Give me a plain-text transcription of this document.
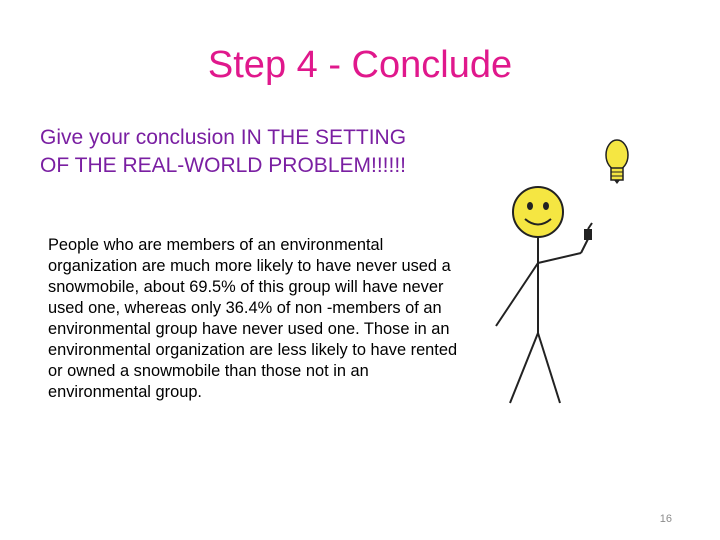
Step 4 - Conclude
Give your conclusion IN THE SETTING OF THE REAL-WORLD PROBLEM!!!!!!
People who are members of an environmental organization are much more likely to have never used a snowmobile, about 69.5% of this group will have never used one, whereas only 36.4% of non -members of an environmental group have never used one. Those in an environmental organization are less likely to have rented or owned a snowmobile than those not in an environmental group.
16
